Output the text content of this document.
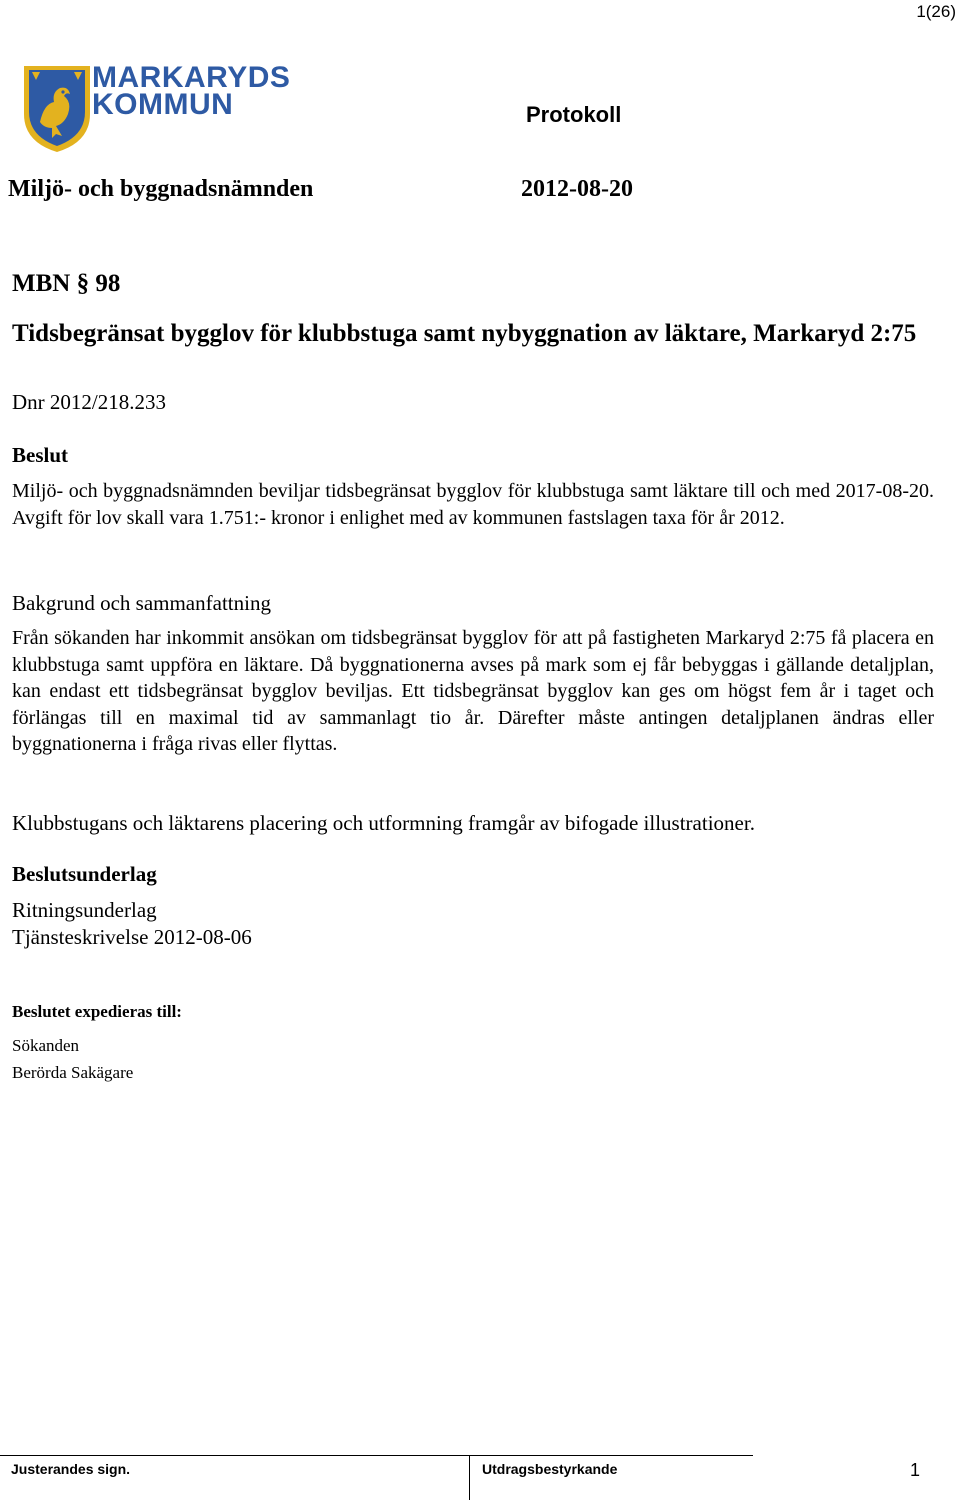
1(26)
MARKARYDS
KOMMUN	Protokoll
Miljö- och byggnadsnämnden	2012-08-20
MBN § 98
Tidsbegränsat bygglov för klubbstuga samt nybyggnation av läktare, Markaryd 2:75
Dnr 2012/218.233
Beslut
Miljö- och byggnadsnämnden beviljar tidsbegränsat bygglov för klubbstuga samt läktare till och med 2017-08-20. Avgift för lov skall vara 1.751:- kronor i enlighet med av kommunen fastslagen taxa för år 2012.
Bakgrund och sammanfattning
Från sökanden har inkommit ansökan om tidsbegränsat bygglov för att på fastigheten Markaryd 2:75 få placera en klubbstuga samt uppföra en läktare. Då byggnationerna avses på mark som ej får bebyggas i gällande detaljplan, kan endast ett tidsbegränsat bygglov beviljas. Ett tidsbegränsat bygglov kan ges om högst fem år i taget och förlängas till en maximal tid av sammanlagt tio år. Därefter måste antingen detaljplanen ändras eller byggnationerna i fråga rivas eller flyttas.
Klubbstugans och läktarens placering och utformning framgår av bifogade illustrationer.
Beslutsunderlag
Ritningsunderlag
Tjänsteskrivelse 2012-08-06
Beslutet expedieras till:
Sökanden
Berörda Sakägare
Justerandes sign.	Utdragsbestyrkande	1
